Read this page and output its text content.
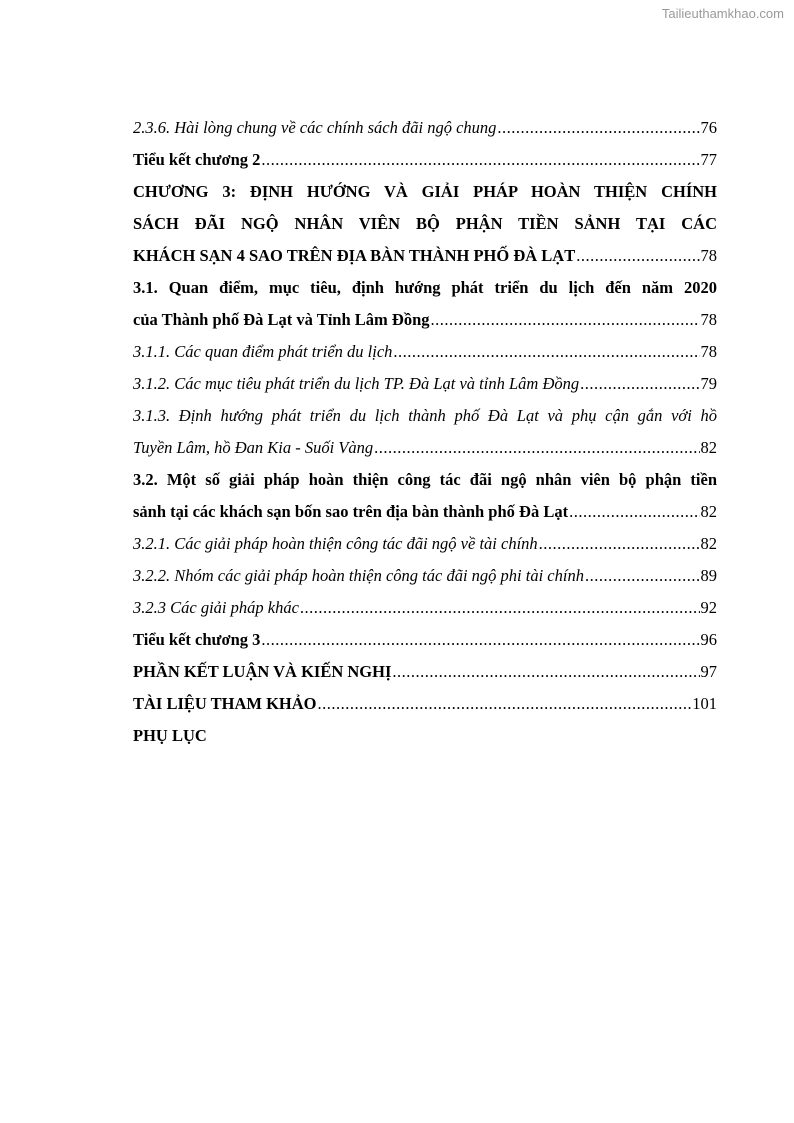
Tailieuthamkhao.com
2.3.6. Hài lòng chung về các chính sách đãi ngộ chung .....	76
Tiểu kết chương 2 .....	77
CHƯƠNG 3: ĐỊNH HƯỚNG VÀ GIẢI PHÁP HOÀN THIỆN CHÍNH
SÁCH ĐÃI NGỘ NHÂN VIÊN BỘ PHẬN TIỀN SẢNH TẠI CÁC
KHÁCH SẠN 4 SAO TRÊN ĐỊA BÀN THÀNH PHỐ ĐÀ LẠT .....	78
3.1. Quan điểm, mục tiêu, định hướng phát triển du lịch đến năm 2020
của Thành phố Đà Lạt và Tỉnh Lâm Đồng .....	78
3.1.1. Các quan điểm phát triển du lịch .....	78
3.1.2. Các mục tiêu phát triển du lịch TP. Đà Lạt và tỉnh Lâm Đồng .....	79
3.1.3. Định hướng phát triển du lịch thành phố Đà Lạt và phụ cận gắn với hồ
Tuyền Lâm, hồ Đan Kia - Suối Vàng .....	82
3.2. Một số giải pháp hoàn thiện công tác đãi ngộ nhân viên bộ phận tiền
sảnh tại các khách sạn bốn sao trên địa bàn thành phố Đà Lạt .....	82
3.2.1. Các giải pháp hoàn thiện công tác đãi ngộ về tài chính .....	82
3.2.2. Nhóm các giải pháp hoàn thiện công tác đãi ngộ phi tài chính .....	89
3.2.3 Các giải pháp khác .....	92
Tiểu kết chương 3 .....	96
PHẦN KẾT LUẬN VÀ KIẾN NGHỊ .....	97
TÀI LIỆU THAM KHẢO .....	101
PHỤ LỤC
